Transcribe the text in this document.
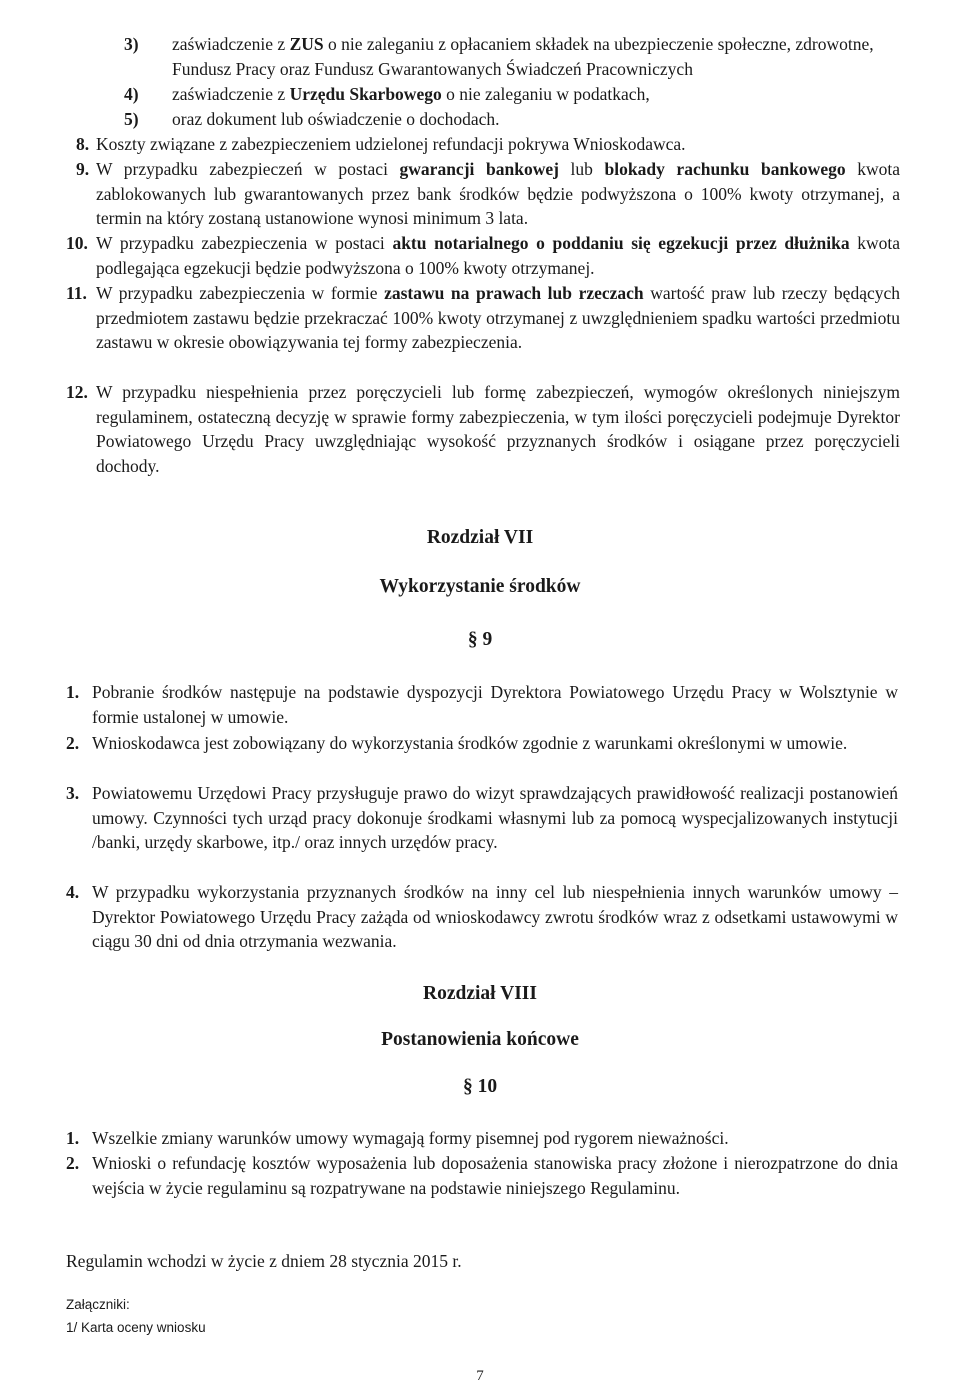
3) zaświadczenie z ZUS o nie zaleganiu z opłacaniem składek na ubezpieczenie społeczne, zdrowotne, Fundusz Pracy oraz Fundusz Gwarantowanych Świadczeń Pracowniczych
4) zaświadczenie z Urzędu Skarbowego o nie zaleganiu w podatkach,
5) oraz dokument lub oświadczenie o dochodach.
8. Koszty związane z zabezpieczeniem udzielonej refundacji pokrywa Wnioskodawca.
9. W przypadku zabezpieczeń w postaci gwarancji bankowej lub blokady rachunku bankowego kwota zablokowanych lub gwarantowanych przez bank środków będzie podwyższona o 100% kwoty otrzymanej, a termin na który zostaną ustanowione wynosi minimum 3 lata.
10. W przypadku zabezpieczenia w postaci aktu notarialnego o poddaniu się egzekucji przez dłużnika kwota podlegająca egzekucji będzie podwyższona o 100% kwoty otrzymanej.
11. W przypadku zabezpieczenia w formie zastawu na prawach lub rzeczach wartość praw lub rzeczy będących przedmiotem zastawu będzie przekraczać 100% kwoty otrzymanej z uwzględnieniem spadku wartości przedmiotu zastawu w okresie obowiązywania tej formy zabezpieczenia.
12. W przypadku niespełnienia przez poręczycieli lub formę zabezpieczeń, wymogów określonych niniejszym regulaminem, ostateczną decyzję w sprawie formy zabezpieczenia, w tym ilości poręczycieli podejmuje Dyrektor Powiatowego Urzędu Pracy uwzględniając wysokość przyznanych środków i osiągane przez poręczycieli dochody.
Rozdział VII
Wykorzystanie środków
§ 9
1. Pobranie środków następuje na podstawie dyspozycji Dyrektora Powiatowego Urzędu Pracy w Wolsztynie w formie ustalonej w umowie.
2. Wnioskodawca jest zobowiązany do wykorzystania środków zgodnie z warunkami określonymi w umowie.
3. Powiatowemu Urzędowi Pracy przysługuje prawo do wizyt sprawdzających prawidłowość realizacji postanowień umowy. Czynności tych urząd pracy dokonuje środkami własnymi lub za pomocą wyspecjalizowanych instytucji /banki, urzędy skarbowe, itp./ oraz innych urzędów pracy.
4. W przypadku wykorzystania przyznanych środków na inny cel lub niespełnienia innych warunków umowy – Dyrektor Powiatowego Urzędu Pracy zażąda od wnioskodawcy zwrotu środków wraz z odsetkami ustawowymi w ciągu 30 dni od dnia otrzymania wezwania.
Rozdział VIII
Postanowienia końcowe
§ 10
1. Wszelkie zmiany warunków umowy wymagają formy pisemnej pod rygorem nieważności.
2. Wnioski o refundację kosztów wyposażenia lub doposażenia stanowiska pracy złożone i nierozpatrzone do dnia wejścia w życie regulaminu są rozpatrywane na podstawie niniejszego Regulaminu.
Regulamin wchodzi w życie z dniem 28 stycznia 2015 r.
Załączniki:
1/ Karta oceny wniosku
7
